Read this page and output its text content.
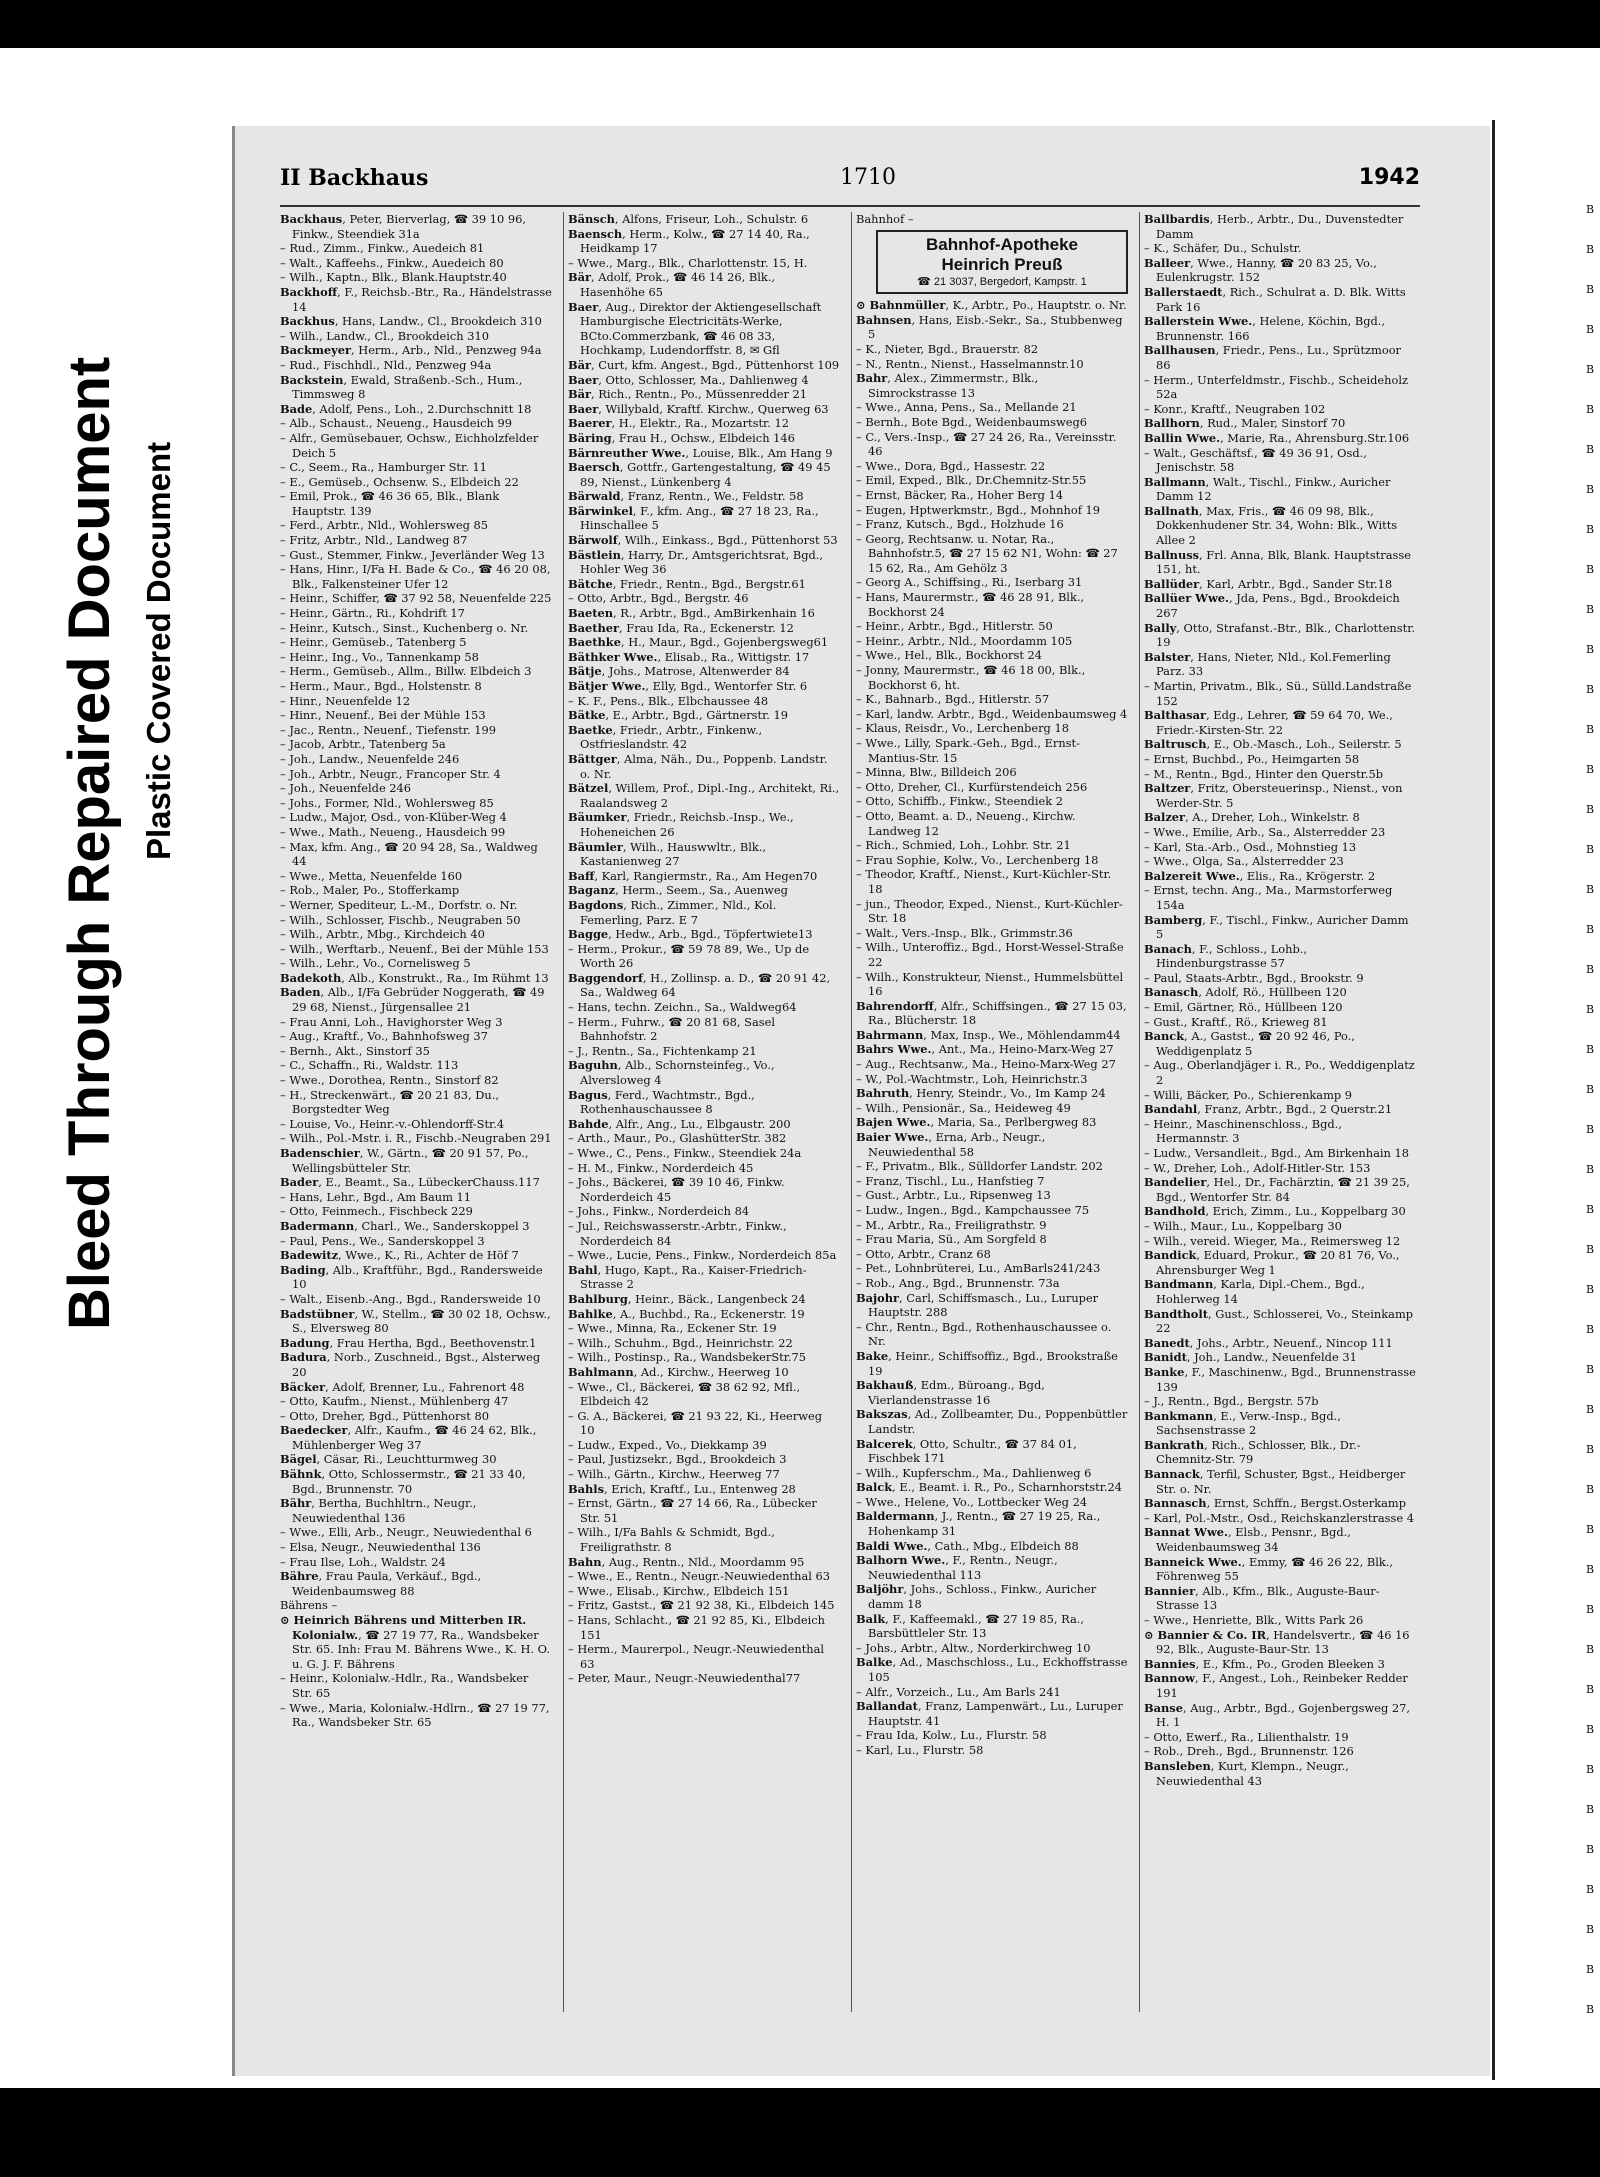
Bleed Through Repaired Document Plastic Covered Document
B
B
B
B
B
B
B
B
B
B
B
B
B
B
B
B
B
B
B
B
B
B
B
B
B
B
B
B
B
B
B
B
B
B
B
B
B
B
B
B
B
B
B
B
B
B
II Backhaus	1710	1942

Backhaus, Peter, Bierverlag, ☎ 39 10 96, Finkw., Steendiek 31a

– Rud., Zimm., Finkw., Auedeich 81

– Walt., Kaffeehs., Finkw., Auedeich 80

– Wilh., Kaptn., Blk., Blank.Hauptstr.40

Backhoff, F., Reichsb.-Btr., Ra., Händelstrasse 14

Backhus, Hans, Landw., Cl., Brookdeich 310

– Wilh., Landw., Cl., Brookdeich 310

Backmeyer, Herm., Arb., Nld., Penzweg 94a

– Rud., Fischhdl., Nld., Penzweg 94a

Backstein, Ewald, Straßenb.-Sch., Hum., Timmsweg 8

Bade, Adolf, Pens., Loh., 2.Durchschnitt 18

– Alb., Schaust., Neueng., Hausdeich 99

– Alfr., Gemüsebauer, Ochsw., Eichholzfelder Deich 5

– C., Seem., Ra., Hamburger Str. 11

– E., Gemüseb., Ochsenw. S., Elbdeich 22

– Emil, Prok., ☎ 46 36 65, Blk., Blank Hauptstr. 139

– Ferd., Arbtr., Nld., Wohlersweg 85

– Fritz, Arbtr., Nld., Landweg 87

– Gust., Stemmer, Finkw., Jeverländer Weg 13

– Hans, Hinr., I/Fa H. Bade & Co., ☎ 46 20 08, Blk., Falkensteiner Ufer 12

– Heinr., Schiffer, ☎ 37 92 58, Neuenfelde 225

– Heinr., Gärtn., Ri., Kohdrift 17

– Heinr., Kutsch., Sinst., Kuchenberg o. Nr.

– Heinr., Gemüseb., Tatenberg 5

– Heinr., Ing., Vo., Tannenkamp 58

– Herm., Gemüseb., Allm., Billw. Elbdeich 3

– Herm., Maur., Bgd., Holstenstr. 8

– Hinr., Neuenfelde 12

– Hinr., Neuenf., Bei der Mühle 153

– Jac., Rentn., Neuenf., Tiefenstr. 199

– Jacob, Arbtr., Tatenberg 5a

– Joh., Landw., Neuenfelde 246

– Joh., Arbtr., Neugr., Francoper Str. 4

– Joh., Neuenfelde 246

– Johs., Former, Nld., Wohlersweg 85

– Ludw., Major, Osd., von-Klüber-Weg 4

– Wwe., Math., Neueng., Hausdeich 99

– Max, kfm. Ang., ☎ 20 94 28, Sa., Waldweg 44

– Wwe., Metta, Neuenfelde 160

– Rob., Maler, Po., Stofferkamp

– Werner, Spediteur, L.-M., Dorfstr. o. Nr.

– Wilh., Schlosser, Fischb., Neugraben 50

– Wilh., Arbtr., Mbg., Kirchdeich 40

– Wilh., Werftarb., Neuenf., Bei der Mühle 153

– Wilh., Lehr., Vo., Cornelisweg 5

Badekoth, Alb., Konstrukt., Ra., Im Rühmt 13

Baden, Alb., I/Fa Gebrüder Noggerath, ☎ 49 29 68, Nienst., Jürgensallee 21

– Frau Anni, Loh., Havighorster Weg 3

– Aug., Kraftf., Vo., Bahnhofsweg 37

– Bernh., Akt., Sinstorf 35

– C., Schaffn., Ri., Waldstr. 113

– Wwe., Dorothea, Rentn., Sinstorf 82

– H., Streckenwärt., ☎ 20 21 83, Du., Borgstedter Weg

– Louise, Vo., Heinr.-v.-Ohlendorff-Str.4

– Wilh., Pol.-Mstr. i. R., Fischb.-Neugraben 291

Badenschier, W., Gärtn., ☎ 20 91 57, Po., Wellingsbütteler Str.

Bader, E., Beamt., Sa., LübeckerChauss.117

– Hans, Lehr., Bgd., Am Baum 11

– Otto, Feinmech., Fischbeck 229

Badermann, Charl., We., Sanderskoppel 3

– Paul, Pens., We., Sanderskoppel 3

Badewitz, Wwe., K., Ri., Achter de Höf 7

Bading, Alb., Kraftführ., Bgd., Randersweide 10

– Walt., Eisenb.-Ang., Bgd., Randersweide 10

Badstübner, W., Stellm., ☎ 30 02 18, Ochsw., S., Elversweg 80

Badung, Frau Hertha, Bgd., Beethovenstr.1

Badura, Norb., Zuschneid., Bgst., Alsterweg 20

Bäcker, Adolf, Brenner, Lu., Fahrenort 48

– Otto, Kaufm., Nienst., Mühlenberg 47

– Otto, Dreher, Bgd., Püttenhorst 80

Baedecker, Alfr., Kaufm., ☎ 46 24 62, Blk., Mühlenberger Weg 37

Bägel, Cäsar, Ri., Leuchtturmweg 30

Bähnk, Otto, Schlossermstr., ☎ 21 33 40, Bgd., Brunnenstr. 70

Bähr, Bertha, Buchhltrn., Neugr., Neuwiedenthal 136

– Wwe., Elli, Arb., Neugr., Neuwiedenthal 6

– Elsa, Neugr., Neuwiedenthal 136

– Frau Ilse, Loh., Waldstr. 24

Bähre, Frau Paula, Verkäuf., Bgd., Weidenbaumsweg 88

Bährens –

⊙ Heinrich Bährens und Mitterben IR. Kolonialw., ☎ 27 19 77, Ra., Wandsbeker Str. 65. Inh: Frau M. Bährens Wwe., K. H. O. u. G. J. F. Bährens

– Heinr., Kolonialw.-Hdlr., Ra., Wandsbeker Str. 65

– Wwe., Maria, Kolonialw.-Hdlrn., ☎ 27 19 77, Ra., Wandsbeker Str. 65

Bänsch, Alfons, Friseur, Loh., Schulstr. 6

Baensch, Herm., Kolw., ☎ 27 14 40, Ra., Heidkamp 17

– Wwe., Marg., Blk., Charlottenstr. 15, H.

Bär, Adolf, Prok., ☎ 46 14 26, Blk., Hasenhöhe 65

Baer, Aug., Direktor der Aktiengesellschaft Hamburgische Electricitäts-Werke, BCto.Commerzbank, ☎ 46 08 33, Hochkamp, Ludendorffstr. 8, ✉ Gfl

Bär, Curt, kfm. Angest., Bgd., Püttenhorst 109

Baer, Otto, Schlosser, Ma., Dahlienweg 4

Bär, Rich., Rentn., Po., Müssenredder 21

Baer, Willybald, Kraftf. Kirchw., Querweg 63

Baerer, H., Elektr., Ra., Mozartstr. 12

Bäring, Frau H., Ochsw., Elbdeich 146

Bärnreuther Wwe., Louise, Blk., Am Hang 9

Baersch, Gottfr., Gartengestaltung, ☎ 49 45 89, Nienst., Lünkenberg 4

Bärwald, Franz, Rentn., We., Feldstr. 58

Bärwinkel, F., kfm. Ang., ☎ 27 18 23, Ra., Hinschallee 5

Bärwolf, Wilh., Einkass., Bgd., Püttenhorst 53

Bästlein, Harry, Dr., Amtsgerichtsrat, Bgd., Hohler Weg 36

Bätche, Friedr., Rentn., Bgd., Bergstr.61

– Otto, Arbtr., Bgd., Bergstr. 46

Baeten, R., Arbtr., Bgd., AmBirkenhain 16

Baether, Frau Ida, Ra., Eckenerstr. 12

Baethke, H., Maur., Bgd., Gojenbergsweg61

Bäthker Wwe., Elisab., Ra., Wittigstr. 17

Bätje, Johs., Matrose, Altenwerder 84

Bätjer Wwe., Elly, Bgd., Wentorfer Str. 6

– K. F., Pens., Blk., Elbchaussee 48

Bätke, E., Arbtr., Bgd., Gärtnerstr. 19

Baetke, Friedr., Arbtr., Finkenw., Ostfrieslandstr. 42

Bättger, Alma, Näh., Du., Poppenb. Landstr. o. Nr.

Bätzel, Willem, Prof., Dipl.-Ing., Architekt, Ri., Raalandsweg 2

Bäumker, Friedr., Reichsb.-Insp., We., Hoheneichen 26

Bäumler, Wilh., Hauswwltr., Blk., Kastanienweg 27

Baff, Karl, Rangiermstr., Ra., Am Hegen70

Baganz, Herm., Seem., Sa., Auenweg

Bagdons, Rich., Zimmer., Nld., Kol. Femerling, Parz. E 7

Bagge, Hedw., Arb., Bgd., Töpfertwiete13

– Herm., Prokur., ☎ 59 78 89, We., Up de Worth 26

Baggendorf, H., Zollinsp. a. D., ☎ 20 91 42, Sa., Waldweg 64

– Hans, techn. Zeichn., Sa., Waldweg64

– Herm., Fuhrw., ☎ 20 81 68, Sasel Bahnhofstr. 2

– J., Rentn., Sa., Fichtenkamp 21

Baguhn, Alb., Schornsteinfeg., Vo., Alversloweg 4

Bagus, Ferd., Wachtmstr., Bgd., Rothenhauschaussee 8

Bahde, Alfr., Ang., Lu., Elbgaustr. 200

– Arth., Maur., Po., GlashütterStr. 382

– Wwe., C., Pens., Finkw., Steendiek 24a

– H. M., Finkw., Norderdeich 45

– Johs., Bäckerei, ☎ 39 10 46, Finkw. Norderdeich 45

– Johs., Finkw., Norderdeich 84

– Jul., Reichswasserstr.-Arbtr., Finkw., Norderdeich 84

– Wwe., Lucie, Pens., Finkw., Norderdeich 85a

Bahl, Hugo, Kapt., Ra., Kaiser-Friedrich-Strasse 2

Bahlburg, Heinr., Bäck., Langenbeck 24

Bahlke, A., Buchbd., Ra., Eckenerstr. 19

– Wwe., Minna, Ra., Eckener Str. 19

– Wilh., Schuhm., Bgd., Heinrichstr. 22

– Wilh., Postinsp., Ra., WandsbekerStr.75

Bahlmann, Ad., Kirchw., Heerweg 10

– Wwe., Cl., Bäckerei, ☎ 38 62 92, Mfl., Elbdeich 42

– G. A., Bäckerei, ☎ 21 93 22, Ki., Heerweg 10

– Ludw., Exped., Vo., Diekkamp 39

– Paul, Justizsekr., Bgd., Brookdeich 3

– Wilh., Gärtn., Kirchw., Heerweg 77

Bahls, Erich, Kraftf., Lu., Entenweg 28

– Ernst, Gärtn., ☎ 27 14 66, Ra., Lübecker Str. 51

– Wilh., I/Fa Bahls & Schmidt, Bgd., Freiligrathstr. 8

Bahn, Aug., Rentn., Nld., Moordamm 95

– Wwe., E., Rentn., Neugr.-Neuwiedenthal 63

– Wwe., Elisab., Kirchw., Elbdeich 151

– Fritz, Gastst., ☎ 21 92 38, Ki., Elbdeich 145

– Hans, Schlacht., ☎ 21 92 85, Ki., Elbdeich 151

– Herm., Maurerpol., Neugr.-Neuwiedenthal 63

– Peter, Maur., Neugr.-Neuwiedenthal77

Bahnhof –

Bahnhof-Apotheke
Heinrich Preuß
☎ 21 3037, Bergedorf, Kampstr. 1

⊙ Bahnmüller, K., Arbtr., Po., Hauptstr. o. Nr.

Bahnsen, Hans, Eisb.-Sekr., Sa., Stubbenweg 5

– K., Nieter, Bgd., Brauerstr. 82

– N., Rentn., Nienst., Hasselmannstr.10

Bahr, Alex., Zimmermstr., Blk., Simrockstrasse 13

– Wwe., Anna, Pens., Sa., Mellande 21

– Bernh., Bote Bgd., Weidenbaumsweg6

– C., Vers.-Insp., ☎ 27 24 26, Ra., Vereinsstr. 46

– Wwe., Dora, Bgd., Hassestr. 22

– Emil, Exped., Blk., Dr.Chemnitz-Str.55

– Ernst, Bäcker, Ra., Hoher Berg 14

– Eugen, Hptwerkmstr., Bgd., Mohnhof 19

– Franz, Kutsch., Bgd., Holzhude 16

– Georg, Rechtsanw. u. Notar, Ra., Bahnhofstr.5, ☎ 27 15 62 N1, Wohn: ☎ 27 15 62, Ra., Am Gehölz 3

– Georg A., Schiffsing., Ri., Iserbarg 31

– Hans, Maurermstr., ☎ 46 28 91, Blk., Bockhorst 24

– Heinr., Arbtr., Bgd., Hitlerstr. 50

– Heinr., Arbtr., Nld., Moordamm 105

– Wwe., Hel., Blk., Bockhorst 24

– Jonny, Maurermstr., ☎ 46 18 00, Blk., Bockhorst 6, ht.

– K., Bahnarb., Bgd., Hitlerstr. 57

– Karl, landw. Arbtr., Bgd., Weidenbaumsweg 4

– Klaus, Reisdr., Vo., Lerchenberg 18

– Wwe., Lilly, Spark.-Geh., Bgd., Ernst-Mantius-Str. 15

– Minna, Blw., Billdeich 206

– Otto, Dreher, Cl., Kurfürstendeich 256

– Otto, Schiffb., Finkw., Steendiek 2

– Otto, Beamt. a. D., Neueng., Kirchw. Landweg 12

– Rich., Schmied, Loh., Lohbr. Str. 21

– Frau Sophie, Kolw., Vo., Lerchenberg 18

– Theodor, Kraftf., Nienst., Kurt-Küchler-Str. 18

– jun., Theodor, Exped., Nienst., Kurt-Küchler-Str. 18

– Walt., Vers.-Insp., Blk., Grimmstr.36

– Wilh., Unteroffiz., Bgd., Horst-Wessel-Straße 22

– Wilh., Konstrukteur, Nienst., Hummelsbüttel 16

Bahrendorff, Alfr., Schiffsingen., ☎ 27 15 03, Ra., Blücherstr. 18

Bahrmann, Max, Insp., We., Möhlendamm44

Bahrs Wwe., Ant., Ma., Heino-Marx-Weg 27

– Aug., Rechtsanw., Ma., Heino-Marx-Weg 27

– W., Pol.-Wachtmstr., Loh, Heinrichstr.3

Bahruth, Henry, Steindr., Vo., Im Kamp 24

– Wilh., Pensionär., Sa., Heideweg 49

Bajen Wwe., Maria, Sa., Perlbergweg 83

Baier Wwe., Erna, Arb., Neugr., Neuwiedenthal 58

– F., Privatm., Blk., Sülldorfer Landstr. 202

– Franz, Tischl., Lu., Hanfstieg 7

– Gust., Arbtr., Lu., Ripsenweg 13

– Ludw., Ingen., Bgd., Kampchaussee 75

– M., Arbtr., Ra., Freiligrathstr. 9

– Frau Maria, Sü., Am Sorgfeld 8

– Otto, Arbtr., Cranz 68

– Pet., Lohnbrüterei, Lu., AmBarls241/243

– Rob., Ang., Bgd., Brunnenstr. 73a

Bajohr, Carl, Schiffsmasch., Lu., Luruper Hauptstr. 288

– Chr., Rentn., Bgd., Rothenhauschaussee o. Nr.

Bake, Heinr., Schiffsoffiz., Bgd., Brookstraße 19

Bakhauß, Edm., Büroang., Bgd, Vierlandenstrasse 16

Bakszas, Ad., Zollbeamter, Du., Poppenbüttler Landstr.

Balcerek, Otto, Schultr., ☎ 37 84 01, Fischbek 171

– Wilh., Kupferschm., Ma., Dahlienweg 6

Balck, E., Beamt. i. R., Po., Scharnhorststr.24

– Wwe., Helene, Vo., Lottbecker Weg 24

Baldermann, J., Rentn., ☎ 27 19 25, Ra., Hohenkamp 31

Baldi Wwe., Cath., Mbg., Elbdeich 88

Balhorn Wwe., F., Rentn., Neugr., Neuwiedenthal 113

Baljöhr, Johs., Schloss., Finkw., Auricher damm 18

Balk, F., Kaffeemakl., ☎ 27 19 85, Ra., Barsbüttleler Str. 13

– Johs., Arbtr., Altw., Norderkirchweg 10

Balke, Ad., Maschschloss., Lu., Eckhoffstrasse 105

– Alfr., Vorzeich., Lu., Am Barls 241

Ballandat, Franz, Lampenwärt., Lu., Luruper Hauptstr. 41

– Frau Ida, Kolw., Lu., Flurstr. 58

– Karl, Lu., Flurstr. 58

Ballbardis, Herb., Arbtr., Du., Duvenstedter Damm

– K., Schäfer, Du., Schulstr.

Balleer, Wwe., Hanny, ☎ 20 83 25, Vo., Eulenkrugstr. 152

Ballerstaedt, Rich., Schulrat a. D. Blk. Witts Park 16

Ballerstein Wwe., Helene, Köchin, Bgd., Brunnenstr. 166

Ballhausen, Friedr., Pens., Lu., Sprützmoor 86

– Herm., Unterfeldmstr., Fischb., Scheideholz 52a

– Konr., Kraftf., Neugraben 102

Ballhorn, Rud., Maler, Sinstorf 70

Ballin Wwe., Marie, Ra., Ahrensburg.Str.106

– Walt., Geschäftsf., ☎ 49 36 91, Osd., Jenischstr. 58

Ballmann, Walt., Tischl., Finkw., Auricher Damm 12

Ballnath, Max, Fris., ☎ 46 09 98, Blk., Dokkenhudener Str. 34, Wohn: Blk., Witts Allee 2

Ballnuss, Frl. Anna, Blk, Blank. Hauptstrasse 151, ht.

Ballüder, Karl, Arbtr., Bgd., Sander Str.18

Ballüer Wwe., Jda, Pens., Bgd., Brookdeich 267

Bally, Otto, Strafanst.-Btr., Blk., Charlottenstr. 19

Balster, Hans, Nieter, Nld., Kol.Femerling Parz. 33

– Martin, Privatm., Blk., Sü., Sülld.Landstraße 152

Balthasar, Edg., Lehrer, ☎ 59 64 70, We., Friedr.-Kirsten-Str. 22

Baltrusch, E., Ob.-Masch., Loh., Seilerstr. 5

– Ernst, Buchbd., Po., Heimgarten 58

– M., Rentn., Bgd., Hinter den Querstr.5b

Baltzer, Fritz, Obersteuerinsp., Nienst., von Werder-Str. 5

Balzer, A., Dreher, Loh., Winkelstr. 8

– Wwe., Emilie, Arb., Sa., Alsterredder 23

– Karl, Sta.-Arb., Osd., Mohnstieg 13

– Wwe., Olga, Sa., Alsterredder 23

Balzereit Wwe., Elis., Ra., Krögerstr. 2

– Ernst, techn. Ang., Ma., Marmstorferweg 154a

Bamberg, F., Tischl., Finkw., Auricher Damm 5

Banach, F., Schloss., Lohb., Hindenburgstrasse 57

– Paul, Staats-Arbtr., Bgd., Brookstr. 9

Banasch, Adolf, Rö., Hüllbeen 120

– Emil, Gärtner, Rö., Hüllbeen 120

– Gust., Kraftf., Rö., Krieweg 81

Banck, A., Gastst., ☎ 20 92 46, Po., Weddigenplatz 5

– Aug., Oberlandjäger i. R., Po., Weddigenplatz 2

– Willi, Bäcker, Po., Schierenkamp 9

Bandahl, Franz, Arbtr., Bgd., 2 Querstr.21

– Heinr., Maschinenschloss., Bgd., Hermannstr. 3

– Ludw., Versandleit., Bgd., Am Birkenhain 18

– W., Dreher, Loh., Adolf-Hitler-Str. 153

Bandelier, Hel., Dr., Fachärztin, ☎ 21 39 25, Bgd., Wentorfer Str. 84

Bandhold, Erich, Zimm., Lu., Koppelbarg 30

– Wilh., Maur., Lu., Koppelbarg 30

– Wilh., vereid. Wieger, Ma., Reimersweg 12

Bandick, Eduard, Prokur., ☎ 20 81 76, Vo., Ahrensburger Weg 1

Bandmann, Karla, Dipl.-Chem., Bgd., Hohlerweg 14

Bandtholt, Gust., Schlosserei, Vo., Steinkamp 22

Banedt, Johs., Arbtr., Neuenf., Nincop 111

Banidt, Joh., Landw., Neuenfelde 31

Banke, F., Maschinenw., Bgd., Brunnenstrasse 139

– J., Rentn., Bgd., Bergstr. 57b

Bankmann, E., Verw.-Insp., Bgd., Sachsenstrasse 2

Bankrath, Rich., Schlosser, Blk., Dr.-Chemnitz-Str. 79

Bannack, Terfil, Schuster, Bgst., Heidberger Str. o. Nr.

Bannasch, Ernst, Schffn., Bergst.Osterkamp

– Karl, Pol.-Mstr., Osd., Reichskanzlerstrasse 4

Bannat Wwe., Elsb., Pensnr., Bgd., Weidenbaumsweg 34

Banneick Wwe., Emmy, ☎ 46 26 22, Blk., Föhrenweg 55

Bannier, Alb., Kfm., Blk., Auguste-Baur-Strasse 13

– Wwe., Henriette, Blk., Witts Park 26

⊙ Bannier & Co. IR, Handelsvertr., ☎ 46 16 92, Blk., Auguste-Baur-Str. 13

Bannies, E., Kfm., Po., Groden Bleeken 3

Bannow, F., Angest., Loh., Reinbeker Redder 191

Banse, Aug., Arbtr., Bgd., Gojenbergsweg 27, H. 1

– Otto, Ewerf., Ra., Lilienthalstr. 19

– Rob., Dreh., Bgd., Brunnenstr. 126

Bansleben, Kurt, Klempn., Neugr., Neuwiedenthal 43
